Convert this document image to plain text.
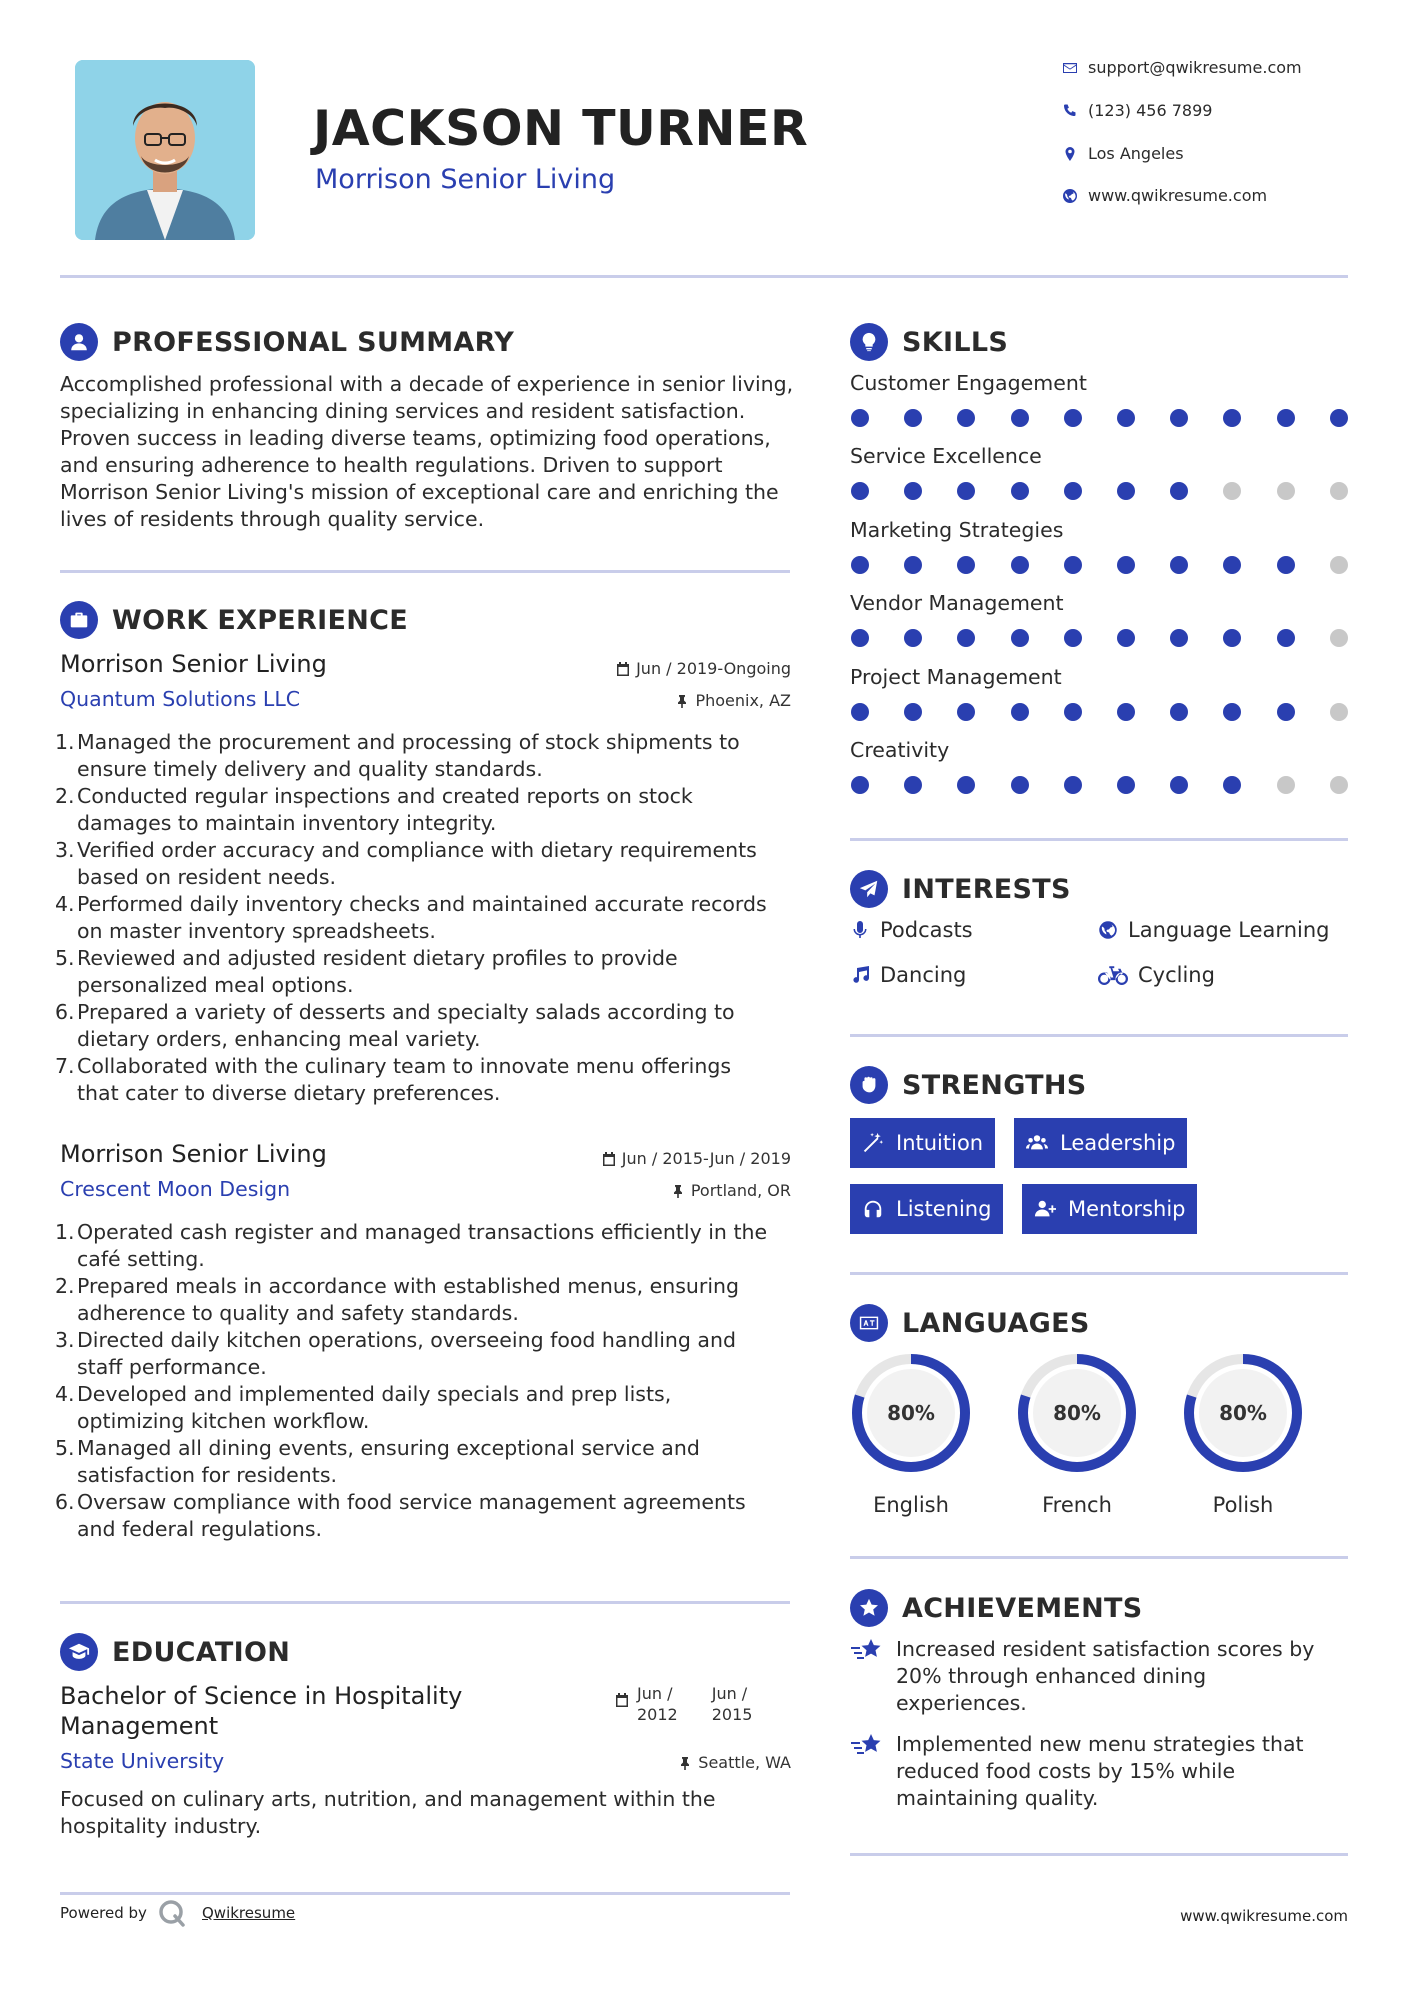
JACKSON TURNER
Morrison Senior Living
support@qwikresume.com
(123) 456 7899
Los Angeles
www.qwikresume.com
PROFESSIONAL SUMMARY
Accomplished professional with a decade of experience in senior living, specializing in enhancing dining services and resident satisfaction. Proven success in leading diverse teams, optimizing food operations, and ensuring adherence to health regulations. Driven to support Morrison Senior Living's mission of exceptional care and enriching the lives of residents through quality service.
WORK EXPERIENCE
Morrison Senior Living
Quantum Solutions LLC
Jun / 2019-Ongoing
Phoenix, AZ
1. Managed the procurement and processing of stock shipments to
ensure timely delivery and quality standards.
2. Conducted regular inspections and created reports on stock
damages to maintain inventory integrity.
3. Verified order accuracy and compliance with dietary requirements
based on resident needs.
4. Performed daily inventory checks and maintained accurate records
on master inventory spreadsheets.
5. Reviewed and adjusted resident dietary profiles to provide
personalized meal options.
6. Prepared a variety of desserts and specialty salads according to
dietary orders, enhancing meal variety.
7. Collaborated with the culinary team to innovate menu offerings
that cater to diverse dietary preferences.
Morrison Senior Living
Crescent Moon Design
Jun / 2015-Jun / 2019
Portland, OR
1. Operated cash register and managed transactions efficiently in the
café setting.
2. Prepared meals in accordance with established menus, ensuring
adherence to quality and safety standards.
3. Directed daily kitchen operations, overseeing food handling and
staff performance.
4. Developed and implemented daily specials and prep lists,
optimizing kitchen workflow.
5. Managed all dining events, ensuring exceptional service and
satisfaction for residents.
6. Oversaw compliance with food service management agreements
and federal regulations.
EDUCATION
Bachelor of Science in Hospitality
Management
State University
Jun /
2012
Jun /
2015
Seattle, WA
Focused on culinary arts, nutrition, and management within the hospitality industry.
SKILLS
Customer Engagement
Service Excellence
Marketing Strategies
Vendor Management
Project Management
Creativity
INTERESTS
Podcasts	Language Learning
Dancing	Cycling
STRENGTHS
Intuition	Leadership
Listening	Mentorship
LANGUAGES
80%
English
80%
French
80%
Polish
ACHIEVEMENTS
Increased resident satisfaction scores by
20% through enhanced dining
experiences.
Implemented new menu strategies that
reduced food costs by 15% while
maintaining quality.
Powered by	Qwikresume	www.qwikresume.com
